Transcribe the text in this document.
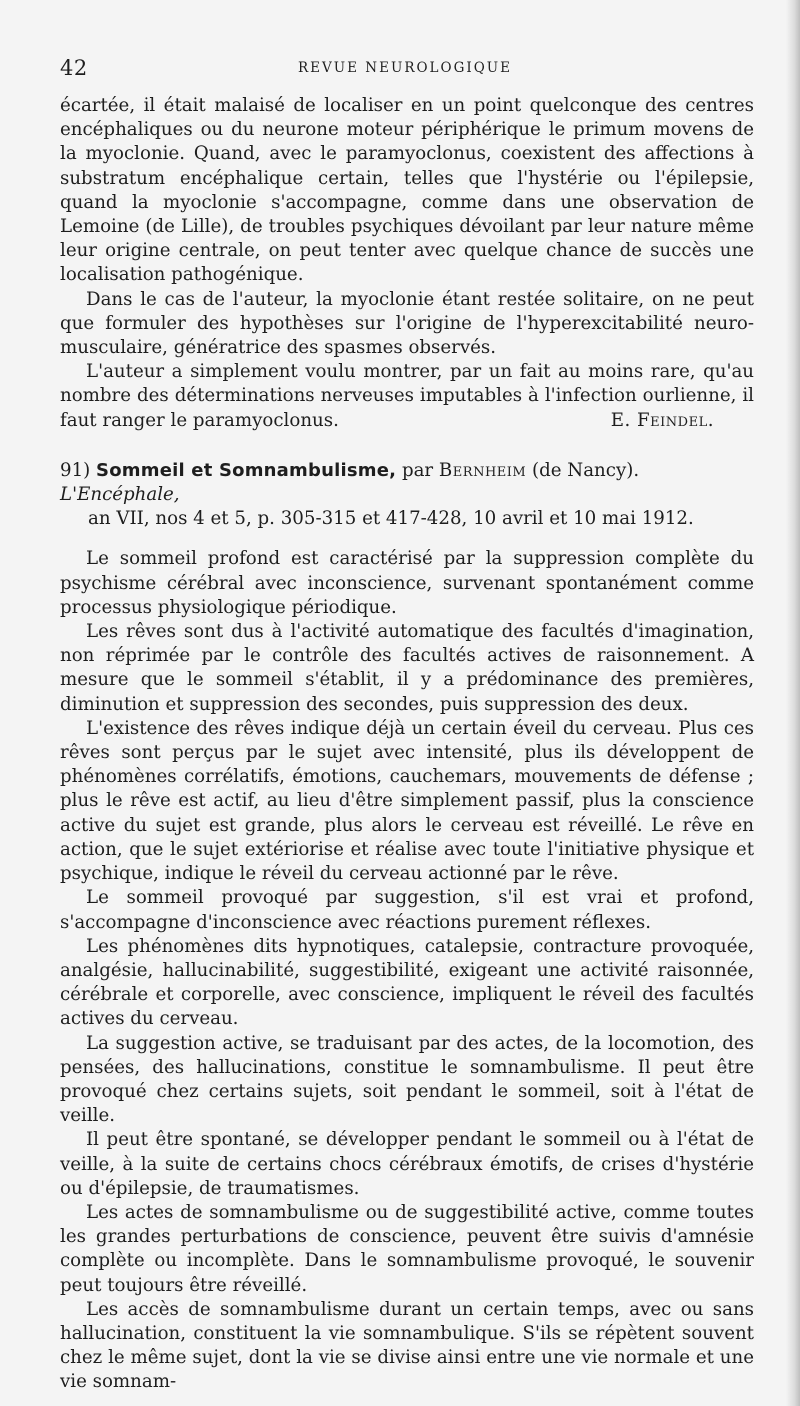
42	REVUE NEUROLOGIQUE

écartée, il était malaisé de localiser en un point quelconque des centres encéphaliques ou du neurone moteur périphérique le primum movens de la myoclonie. Quand, avec le paramyoclonus, coexistent des affections à substratum encéphalique certain, telles que l'hystérie ou l'épilepsie, quand la myoclonie s'accompagne, comme dans une observation de Lemoine (de Lille), de troubles psychiques dévoilant par leur nature même leur origine centrale, on peut tenter avec quelque chance de succès une localisation pathogénique.

Dans le cas de l'auteur, la myoclonie étant restée solitaire, on ne peut que formuler des hypothèses sur l'origine de l'hyperexcitabilité neuro-musculaire, génératrice des spasmes observés.

L'auteur a simplement voulu montrer, par un fait au moins rare, qu'au nombre des déterminations nerveuses imputables à l'infection ourlienne, il faut ranger le paramyoclonus.	E. Feindel.

91) Sommeil et Somnambulisme, par Bernheim (de Nancy). L'Encéphale,
an VII, nos 4 et 5, p. 305-315 et 417-428, 10 avril et 10 mai 1912.

Le sommeil profond est caractérisé par la suppression complète du psychisme cérébral avec inconscience, survenant spontanément comme processus physiologique périodique.

Les rêves sont dus à l'activité automatique des facultés d'imagination, non réprimée par le contrôle des facultés actives de raisonnement. A mesure que le sommeil s'établit, il y a prédominance des premières, diminution et suppression des secondes, puis suppression des deux.

L'existence des rêves indique déjà un certain éveil du cerveau. Plus ces rêves sont perçus par le sujet avec intensité, plus ils développent de phénomènes corrélatifs, émotions, cauchemars, mouvements de défense ; plus le rêve est actif, au lieu d'être simplement passif, plus la conscience active du sujet est grande, plus alors le cerveau est réveillé. Le rêve en action, que le sujet extériorise et réalise avec toute l'initiative physique et psychique, indique le réveil du cerveau actionné par le rêve.

Le sommeil provoqué par suggestion, s'il est vrai et profond, s'accompagne d'inconscience avec réactions purement réflexes.

Les phénomènes dits hypnotiques, catalepsie, contracture provoquée, analgésie, hallucinabilité, suggestibilité, exigeant une activité raisonnée, cérébrale et corporelle, avec conscience, impliquent le réveil des facultés actives du cerveau.

La suggestion active, se traduisant par des actes, de la locomotion, des pensées, des hallucinations, constitue le somnambulisme. Il peut être provoqué chez certains sujets, soit pendant le sommeil, soit à l'état de veille.

Il peut être spontané, se développer pendant le sommeil ou à l'état de veille, à la suite de certains chocs cérébraux émotifs, de crises d'hystérie ou d'épilepsie, de traumatismes.

Les actes de somnambulisme ou de suggestibilité active, comme toutes les grandes perturbations de conscience, peuvent être suivis d'amnésie complète ou incomplète. Dans le somnambulisme provoqué, le souvenir peut toujours être réveillé.

Les accès de somnambulisme durant un certain temps, avec ou sans hallucination, constituent la vie somnambulique. S'ils se répètent souvent chez le même sujet, dont la vie se divise ainsi entre une vie normale et une vie somnam-
